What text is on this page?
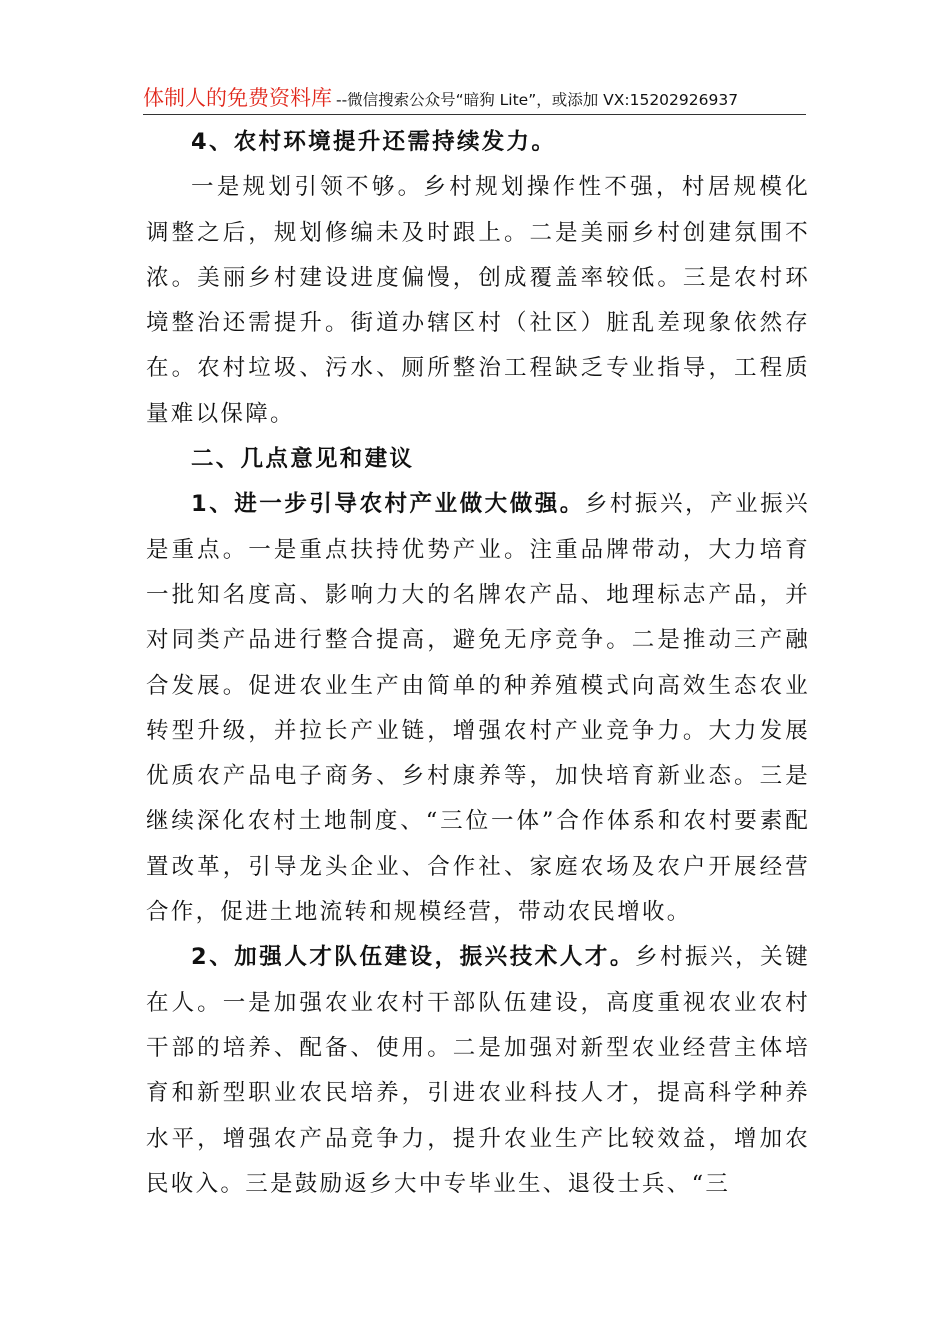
体制人的免费资料库 --微信搜索公众号“暗狗 Lite”，或添加 VX:15202926937

4、农村环境提升还需持续发力。

一是规划引领不够。乡村规划操作性不强，村居规模化调整之后，规划修编未及时跟上。二是美丽乡村创建氛围不浓。美丽乡村建设进度偏慢，创成覆盖率较低。三是农村环境整治还需提升。街道办辖区村（社区）脏乱差现象依然存在。农村垃圾、污水、厕所整治工程缺乏专业指导，工程质量难以保障。

二、几点意见和建议

1、进一步引导农村产业做大做强。乡村振兴，产业振兴是重点。一是重点扶持优势产业。注重品牌带动，大力培育一批知名度高、影响力大的名牌农产品、地理标志产品，并对同类产品进行整合提高，避免无序竞争。二是推动三产融合发展。促进农业生产由简单的种养殖模式向高效生态农业转型升级，并拉长产业链，增强农村产业竞争力。大力发展优质农产品电子商务、乡村康养等，加快培育新业态。三是继续深化农村土地制度、“三位一体”合作体系和农村要素配置改革，引导龙头企业、合作社、家庭农场及农户开展经营合作，促进土地流转和规模经营，带动农民增收。

2、加强人才队伍建设，振兴技术人才。乡村振兴，关键在人。一是加强农业农村干部队伍建设，高度重视农业农村干部的培养、配备、使用。二是加强对新型农业经营主体培育和新型职业农民培养，引进农业科技人才，提高科学种养水平，增强农产品竞争力，提升农业生产比较效益，增加农民收入。三是鼓励返乡大中专毕业生、退役士兵、“三
